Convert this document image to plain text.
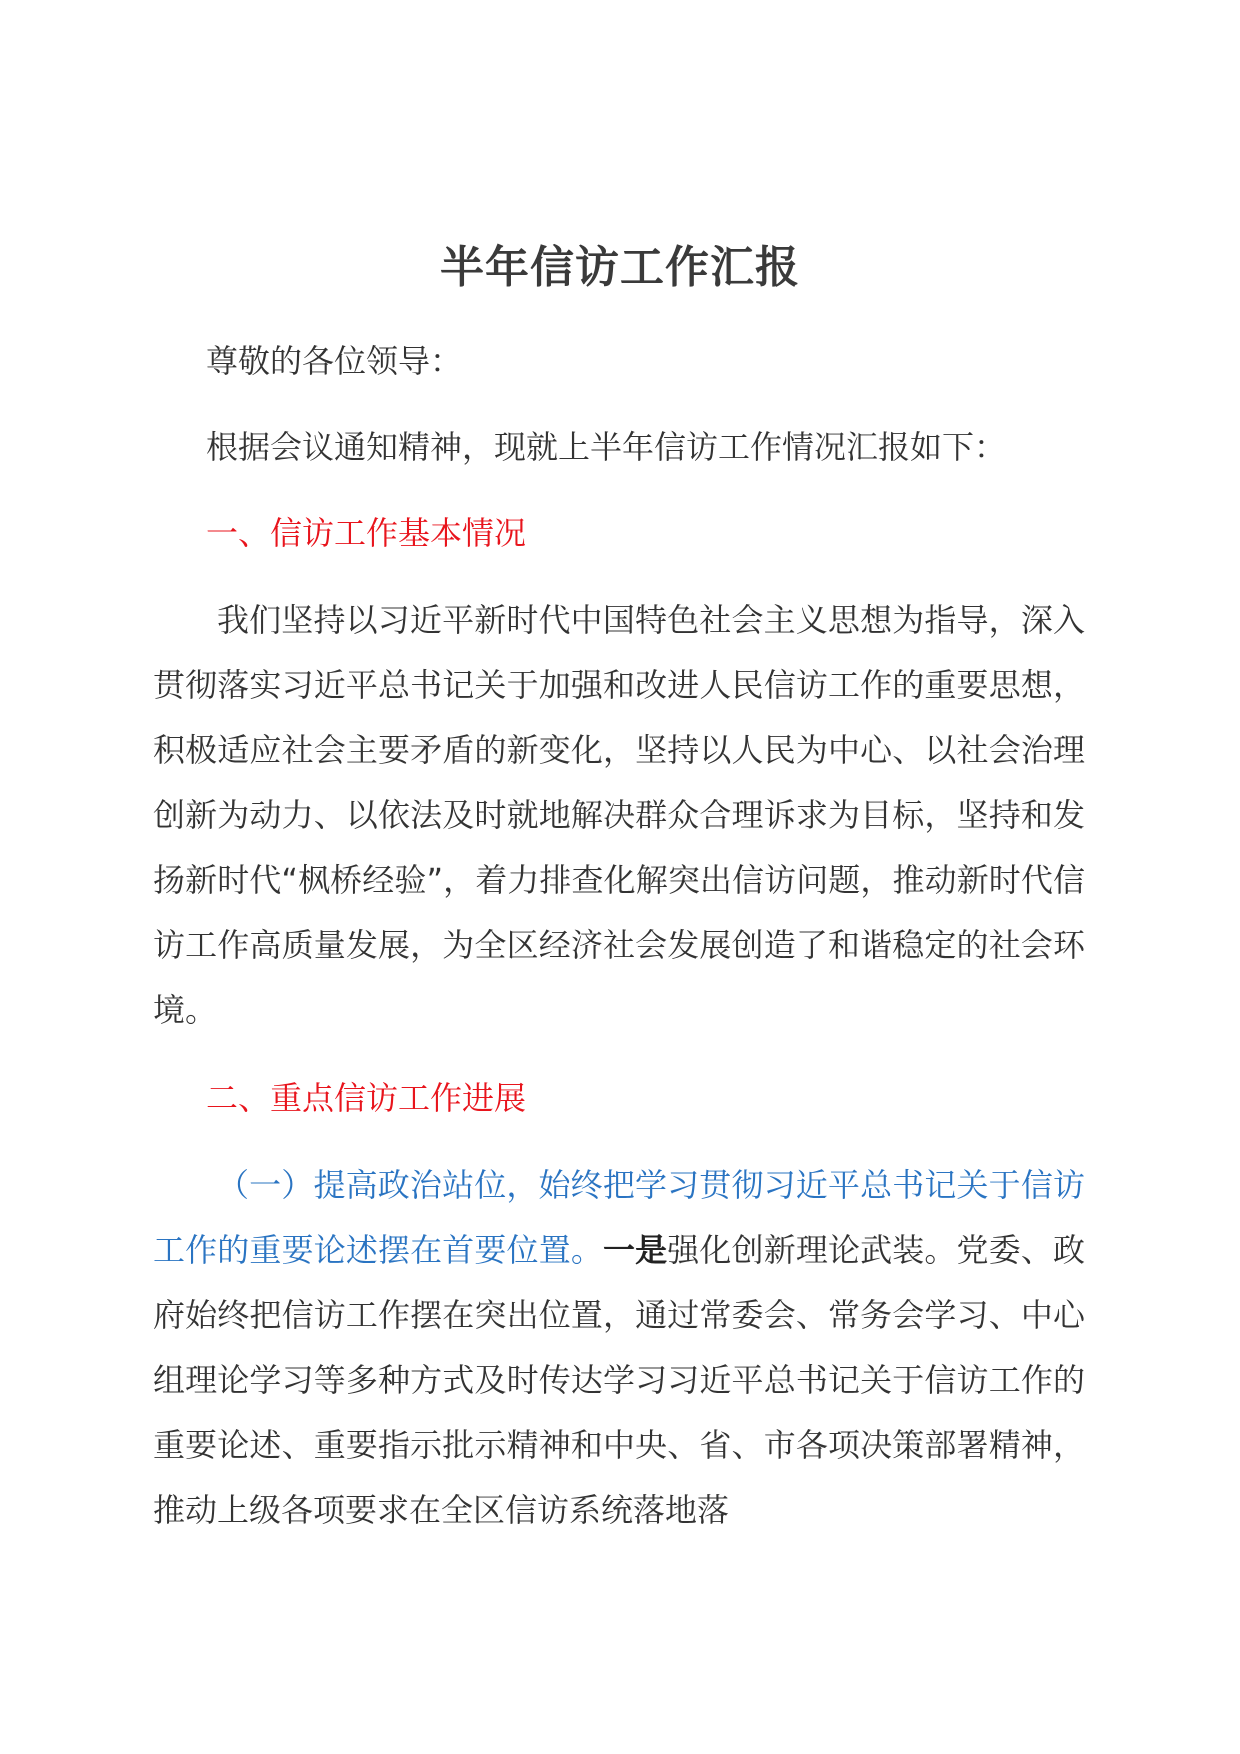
半年信访工作汇报
尊敬的各位领导：
根据会议通知精神，现就上半年信访工作情况汇报如下：
一、信访工作基本情况
我们坚持以习近平新时代中国特色社会主义思想为指导，深入贯彻落实习近平总书记关于加强和改进人民信访工作的重要思想，积极适应社会主要矛盾的新变化，坚持以人民为中心、以社会治理创新为动力、以依法及时就地解决群众合理诉求为目标，坚持和发扬新时代“枫桥经验”，着力排查化解突出信访问题，推动新时代信访工作高质量发展，为全区经济社会发展创造了和谐稳定的社会环境。
二、重点信访工作进展
（一）提高政治站位，始终把学习贯彻习近平总书记关于信访工作的重要论述摆在首要位置。一是强化创新理论武装。党委、政府始终把信访工作摆在突出位置，通过常委会、常务会学习、中心组理论学习等多种方式及时传达学习习近平总书记关于信访工作的重要论述、重要指示批示精神和中央、省、市各项决策部署精神，推动上级各项要求在全区信访系统落地落
